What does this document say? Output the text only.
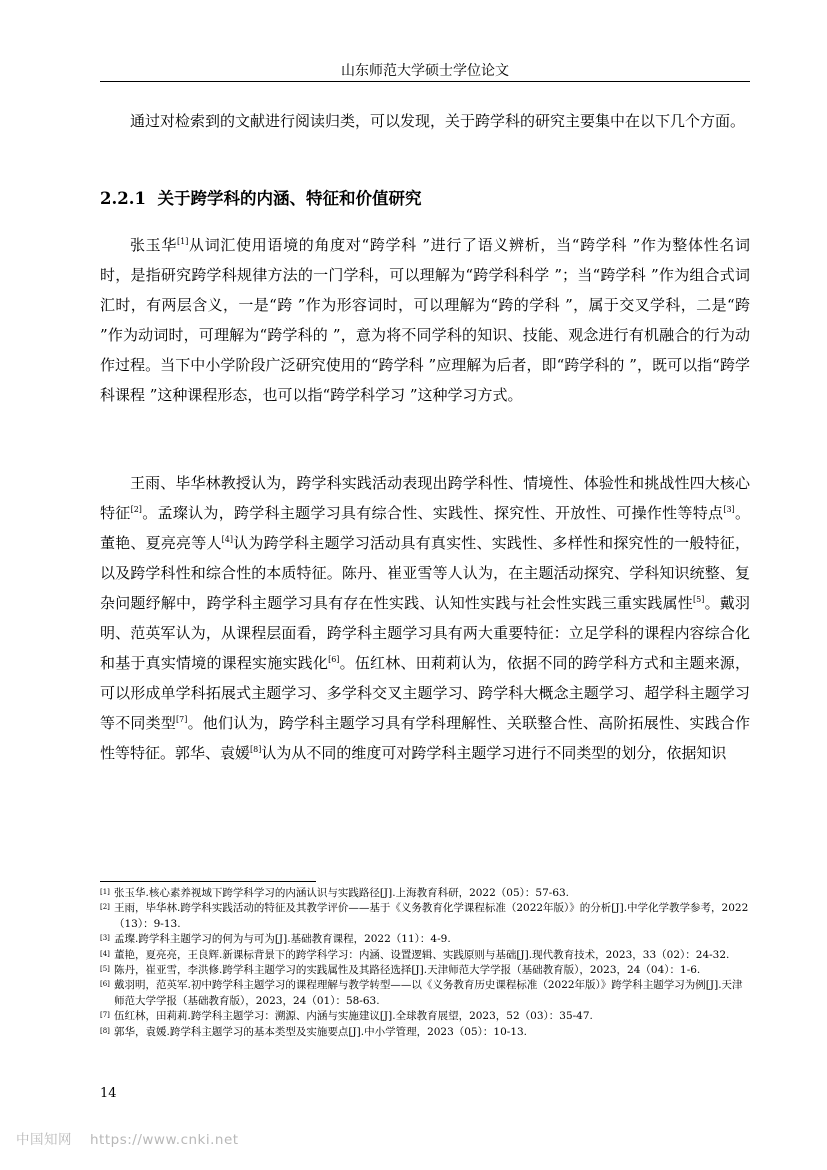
山东师范大学硕士学位论文

通过对检索到的文献进行阅读归类，可以发现，关于跨学科的研究主要集中在以下几个方面。

2.2.1 关于跨学科的内涵、特征和价值研究

张玉华[1]从词汇使用语境的角度对“跨学科 ”进行了语义辨析，当“跨学科 ”作为整体性名词时，是指研究跨学科规律方法的一门学科，可以理解为“跨学科科学 ”；当“跨学科 ”作为组合式词汇时，有两层含义，一是“跨 ”作为形容词时，可以理解为“跨的学科 ”，属于交叉学科，二是“跨 ”作为动词时，可理解为“跨学科的 ”，意为将不同学科的知识、技能、观念进行有机融合的行为动作过程。当下中小学阶段广泛研究使用的“跨学科 ”应理解为后者，即“跨学科的 ”，既可以指“跨学科课程 ”这种课程形态，也可以指“跨学科学习 ”这种学习方式。

王雨、毕华林教授认为，跨学科实践活动表现出跨学科性、情境性、体验性和挑战性四大核心特征[2]。孟璨认为，跨学科主题学习具有综合性、实践性、探究性、开放性、可操作性等特点[3]。董艳、夏亮亮等人[4]认为跨学科主题学习活动具有真实性、实践性、多样性和探究性的一般特征，以及跨学科性和综合性的本质特征。陈丹、崔亚雪等人认为，在主题活动探究、学科知识统整、复杂问题纾解中，跨学科主题学习具有存在性实践、认知性实践与社会性实践三重实践属性[5]。戴羽明、范英军认为，从课程层面看，跨学科主题学习具有两大重要特征：立足学科的课程内容综合化和基于真实情境的课程实施实践化[6]。伍红林、田莉莉认为，依据不同的跨学科方式和主题来源，可以形成单学科拓展式主题学习、多学科交叉主题学习、跨学科大概念主题学习、超学科主题学习等不同类型[7]。他们认为，跨学科主题学习具有学科理解性、关联整合性、高阶拓展性、实践合作性等特征。郭华、袁媛[8]认为从不同的维度可对跨学科主题学习进行不同类型的划分，依据知识

[1] 张玉华.核心素养视域下跨学科学习的内涵认识与实践路径[J].上海教育科研，2022（05）：57-63.
[2] 王雨，毕华林.跨学科实践活动的特征及其教学评价——基于《义务教育化学课程标准（2022年版）》的分析[J].中学化学教学参考，2022（13）：9-13.
[3] 孟璨.跨学科主题学习的何为与可为[J].基础教育课程，2022（11）：4-9.
[4] 董艳，夏亮亮，王良辉.新课标背景下的跨学科学习：内涵、设置逻辑、实践原则与基础[J].现代教育技术，2023，33（02）：24-32.
[5] 陈丹，崔亚雪，李洪修.跨学科主题学习的实践属性及其路径选择[J].天津师范大学学报（基础教育版），2023，24（04）：1-6.
[6] 戴羽明，范英军.初中跨学科主题学习的课程理解与教学转型——以《义务教育历史课程标准（2022年版）》跨学科主题学习为例[J].天津师范大学学报（基础教育版），2023，24（01）：58-63.
[7] 伍红林，田莉莉.跨学科主题学习：溯源、内涵与实施建议[J].全球教育展望，2023，52（03）：35-47.
[8] 郭华，袁媛.跨学科主题学习的基本类型及实施要点[J].中小学管理，2023（05）：10-13.
14
中国知网 https://www.cnki.net
